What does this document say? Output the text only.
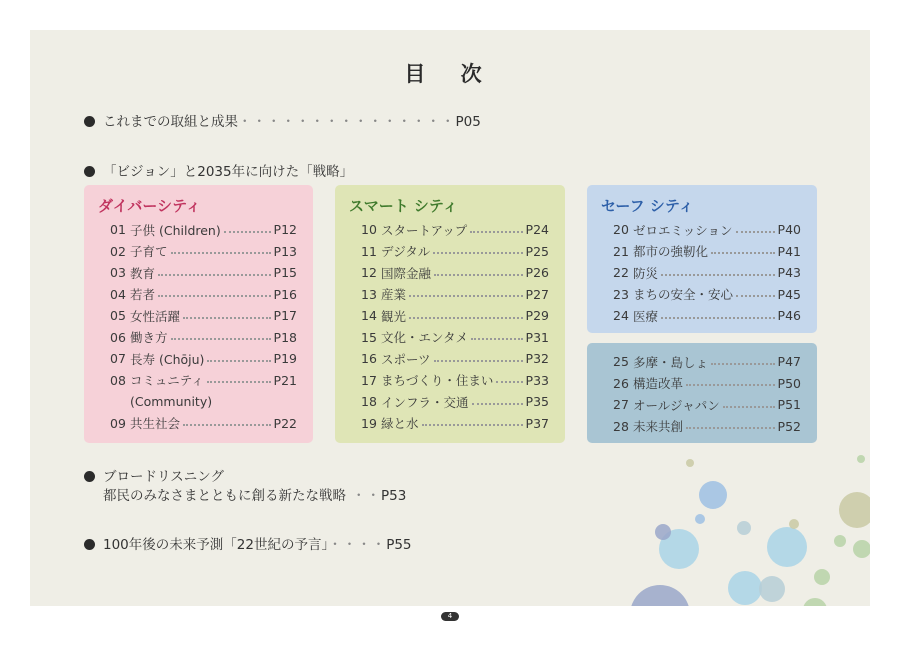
目 次
これまでの取組と成果・・・・・・・・・・・・・・・P05
「ビジョン」と2035年に向けた「戦略」
ダイバーシティ
01 子供 (Children)	P12
02 子育て	P13
03 教育	P15
04 若者	P16
05 女性活躍	P17
06 働き方	P18
07 長寿 (Chōju)	P19
08 コミュニティ	P21
(Community)
09 共生社会	P22
スマート シティ
10 スタートアップ	P24
11 デジタル	P25
12 国際金融	P26
13 産業	P27
14 観光	P29
15 文化・エンタメ	P31
16 スポーツ	P32
17 まちづくり・住まい	P33
18 インフラ・交通	P35
19 緑と水	P37
セーフ シティ
20 ゼロエミッション	P40
21 都市の強靭化	P41
22 防災	P43
23 まちの安全・安心	P45
24 医療	P46
25 多摩・島しょ	P47
26 構造改革	P50
27 オールジャパン	P51
28 未来共創	P52
ブロードリスニング
都民のみなさまとともに創る新たな戦略 ・・P53
100年後の未来予測「22世紀の予言」・・・・P55
4
